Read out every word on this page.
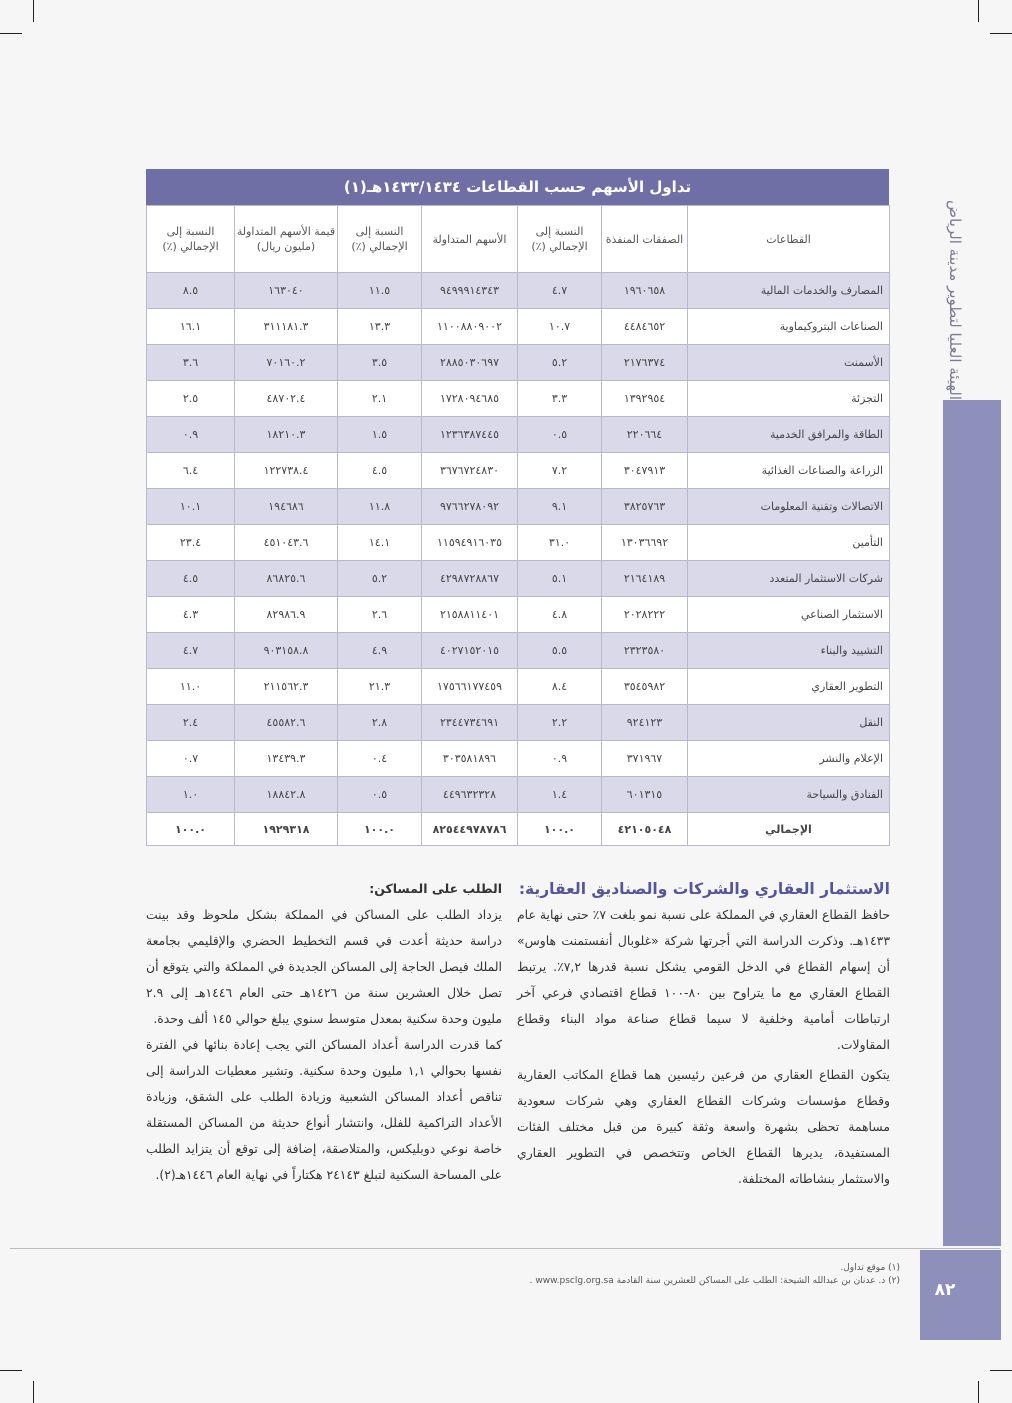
الهيئة العليا لتطوير مدينة الرياض
٨٢
تداول الأسهم حسب القطاعات ١٤٣٣/١٤٣٤هـ(١)
القطاعات	الصفقات المنفذة	النسبة إلى الإجمالي (٪)	الأسهم المتداولة	النسبة إلى الإجمالي (٪)	قيمة الأسهم المتداولة (مليون ريال)	النسبة إلى الإجمالي (٪)
المصارف والخدمات المالية	١٩٦٠٦٥٨	٤.٧	٩٤٩٩٩١٤٣٤٣	١١.٥	١٦٣٠٤٠	٨.٥
الصناعات البتروكيماوية	٤٤٨٤٦٥٢	١٠.٧	١١٠٠٨٨٠٩٠٠٢	١٣.٣	٣١١١٨١.٣	١٦.١
الأسمنت	٢١٧٦٣٧٤	٥.٢	٢٨٨٥٠٣٠٦٩٧	٣.٥	٧٠١٦٠.٢	٣.٦
التجزئة	١٣٩٢٩٥٤	٣.٣	١٧٢٨٠٩٤٦٨٥	٢.١	٤٨٧٠٢.٤	٢.٥
الطاقة والمرافق الخدمية	٢٢٠٦٦٤	٠.٥	١٢٣٦٣٨٧٤٤٥	١.٥	١٨٢١٠.٣	٠.٩
الزراعة والصناعات الغذائية	٣٠٤٧٩١٣	٧.٢	٣٦٧٦٧٢٤٨٣٠	٤.٥	١٢٢٧٣٨.٤	٦.٤
الاتصالات وتقنية المعلومات	٣٨٢٥٧٦٣	٩.١	٩٧٦٦٢٧٨٠٩٢	١١.٨	١٩٤٦٨٦	١٠.١
التأمين	١٣٠٣٦٦٩٢	٣١.٠	١١٥٩٤٩١٦٠٣٥	١٤.١	٤٥١٠٤٣.٦	٢٣.٤
شركات الاستثمار المتعدد	٢١٦٤١٨٩	٥.١	٤٢٩٨٧٢٨٨٦٧	٥.٢	٨٦٨٢٥.٦	٤.٥
الاستثمار الصناعي	٢٠٢٨٢٢٢	٤.٨	٢١٥٨٨١١٤٠١	٢.٦	٨٢٩٨٦.٩	٤.٣
التشييد والبناء	٢٣٢٣٥٨٠	٥.٥	٤٠٢٧١٥٢٠١٥	٤.٩	٩٠٣١٥٨.٨	٤.٧
التطوير العقاري	٣٥٤٥٩٨٢	٨.٤	١٧٥٦٦١٧٧٤٥٩	٢١.٣	٢١١٥٦٢.٣	١١.٠
النقل	٩٢٤١٢٣	٢.٢	٢٣٤٤٧٣٤٦٩١	٢.٨	٤٥٥٨٢.٦	٢.٤
الإعلام والنشر	٣٧١٩٦٧	٠.٩	٣٠٣٥٨١٨٩٦	٠.٤	١٣٤٣٩.٣	٠.٧
الفنادق والسياحة	٦٠١٣١٥	١.٤	٤٤٩٦٣٢٣٢٨	٠.٥	١٨٨٤٢.٨	١.٠
الإجمالي	٤٢١٠٥٠٤٨	١٠٠.٠	٨٢٥٤٤٩٧٨٧٨٦	١٠٠.٠	١٩٢٩٣١٨	١٠٠.٠
الاستثمار العقاري والشركات والصناديق العقارية:

حافظ القطاع العقاري في المملكة على نسبة نمو بلغت ٧٪ حتى نهاية عام ١٤٣٣هـ. وذكرت الدراسة التي أجرتها شركة «غلوبال أنفستمنت هاوس» أن إسهام القطاع في الدخل القومي يشكل نسبة قدرها ٧,٢٪. يرتبط القطاع العقاري مع ما يتراوح بين ٨٠-١٠٠ قطاع اقتصادي فرعي آخر ارتباطات أمامية وخلفية لا سيما قطاع صناعة مواد البناء وقطاع المقاولات.

يتكون القطاع العقاري من فرعين رئيسين هما قطاع المكاتب العقارية وقطاع مؤسسات وشركات القطاع العقاري وهي شركات سعودية مساهمة تحظى بشهرة واسعة وثقة كبيرة من قبل مختلف الفئات المستفيدة، يديرها القطاع الخاص وتتخصص في التطوير العقاري والاستثمار بنشاطاته المختلفة.

الطلب على المساكن:

يزداد الطلب على المساكن في المملكة بشكل ملحوظ وقد بينت دراسة حديثة أعدت في قسم التخطيط الحضري والإقليمي بجامعة الملك فيصل الحاجة إلى المساكن الجديدة في المملكة والتي يتوقع أن تصل خلال العشرين سنة من ١٤٢٦هـ حتى العام ١٤٤٦هـ إلى ٢.٩ مليون وحدة سكنية بمعدل متوسط سنوي يبلغ حوالي ١٤٥ ألف وحدة.

كما قدرت الدراسة أعداد المساكن التي يجب إعادة بنائها في الفترة نفسها بحوالي ١,١ مليون وحدة سكنية. وتشير معطيات الدراسة إلى تناقص أعداد المساكن الشعبية وزيادة الطلب على الشقق، وزيادة الأعداد التراكمية للفلل، وانتشار أنواع حديثة من المساكن المستقلة خاصة نوعي دوبليكس، والمتلاصقة، إضافة إلى توقع أن يتزايد الطلب على المساحة السكنية لتبلغ ٢٤١٤٣ هكتاراً في نهاية العام ١٤٤٦هـ(٢).

(١) موقع تداول.
(٢) د. عدنان بن عبدالله الشيحة: الطلب على المساكن للعشرين سنة القادمة www.psclg.org.sa .
